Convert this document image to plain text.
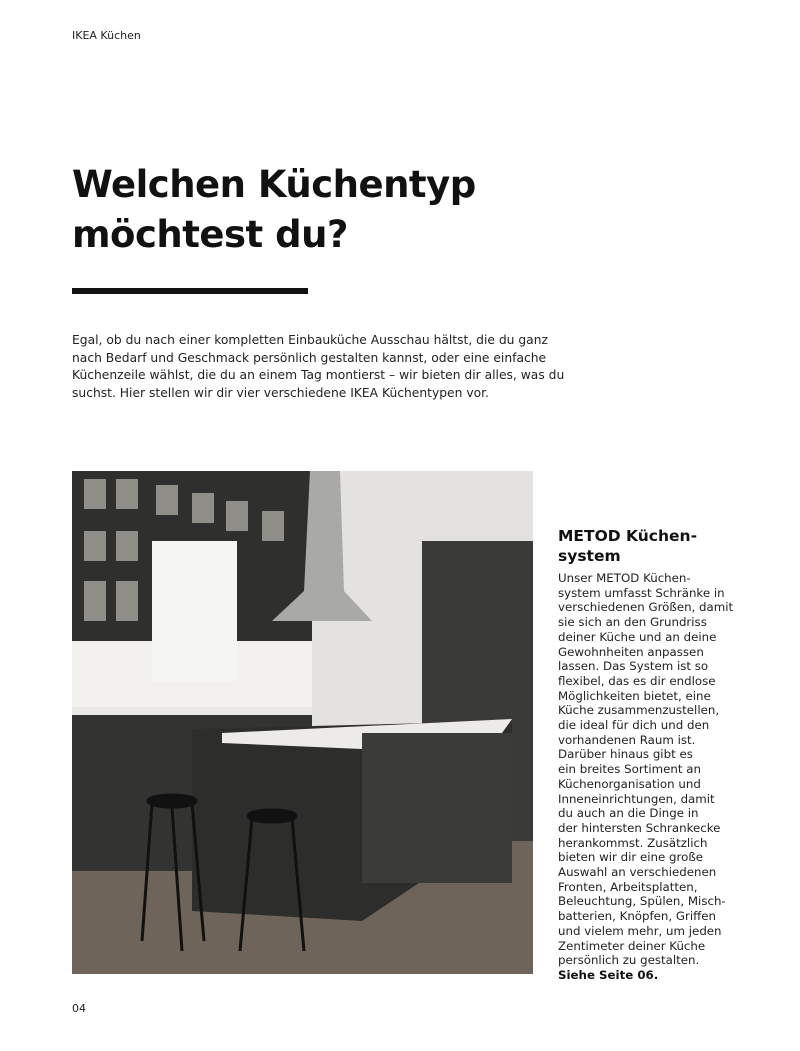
IKEA Küchen
Welchen Küchentyp
möchtest du?
Egal, ob du nach einer kompletten Einbauküche Ausschau hältst, die du ganz
nach Bedarf und Geschmack persönlich gestalten kannst, oder eine einfache
Küchenzeile wählst, die du an einem Tag montierst – wir bieten dir alles, was du
suchst. Hier stellen wir dir vier verschiedene IKEA Küchentypen vor.
METOD Küchen-
system
Unser METOD Küchen-
system umfasst Schränke in
verschiedenen Größen, damit
sie sich an den Grundriss
deiner Küche und an deine
Gewohnheiten anpassen
lassen. Das System ist so
flexibel, das es dir endlose
Möglichkeiten bietet, eine
Küche zusammenzustellen,
die ideal für dich und den
vorhandenen Raum ist.
Darüber hinaus gibt es
ein breites Sortiment an
Küchenorganisation und
Inneneinrichtungen, damit
du auch an die Dinge in
der hintersten Schrankecke
herankommst. Zusätzlich
bieten wir dir eine große
Auswahl an verschiedenen
Fronten, Arbeitsplatten,
Beleuchtung, Spülen, Misch-
batterien, Knöpfen, Griffen
und vielem mehr, um jeden
Zentimeter deiner Küche
persönlich zu gestalten.
Siehe Seite 06.
04
